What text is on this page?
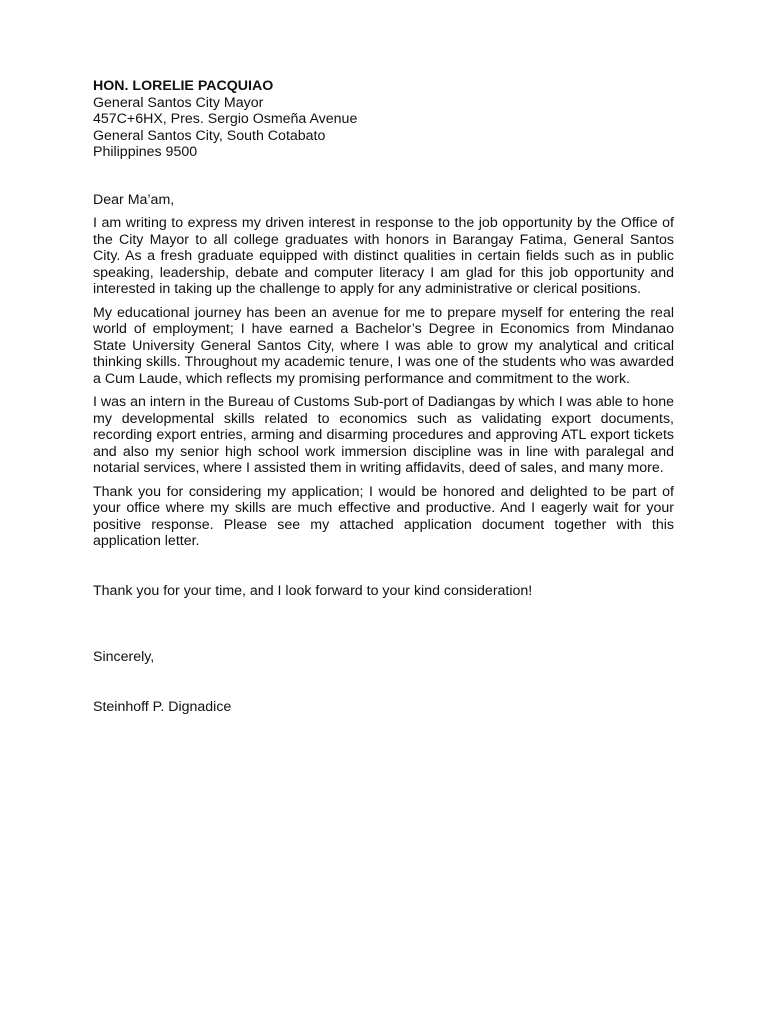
HON. LORELIE PACQUIAO
General Santos City Mayor
457C+6HX, Pres. Sergio Osmeña Avenue
General Santos City, South Cotabato
Philippines 9500
Dear Ma’am,
I am writing to express my driven interest in response to the job opportunity by the Office of the City Mayor to all college graduates with honors in Barangay Fatima, General Santos City. As a fresh graduate equipped with distinct qualities in certain fields such as in public speaking, leadership, debate and computer literacy I am glad for this job opportunity and interested in taking up the challenge to apply for any administrative or clerical positions.
My educational journey has been an avenue for me to prepare myself for entering the real world of employment; I have earned a Bachelor’s Degree in Economics from Mindanao State University General Santos City, where I was able to grow my analytical and critical thinking skills. Throughout my academic tenure, I was one of the students who was awarded a Cum Laude, which reflects my promising performance and commitment to the work.
I was an intern in the Bureau of Customs Sub-port of Dadiangas by which I was able to hone my developmental skills related to economics such as validating export documents, recording export entries, arming and disarming procedures and approving ATL export tickets and also my senior high school work immersion discipline was in line with paralegal and notarial services, where I assisted them in writing affidavits, deed of sales, and many more.
Thank you for considering my application; I would be honored and delighted to be part of your office where my skills are much effective and productive. And I eagerly wait for your positive response. Please see my attached application document together with this application letter.
Thank you for your time, and I look forward to your kind consideration!
Sincerely,
Steinhoff P. Dignadice
